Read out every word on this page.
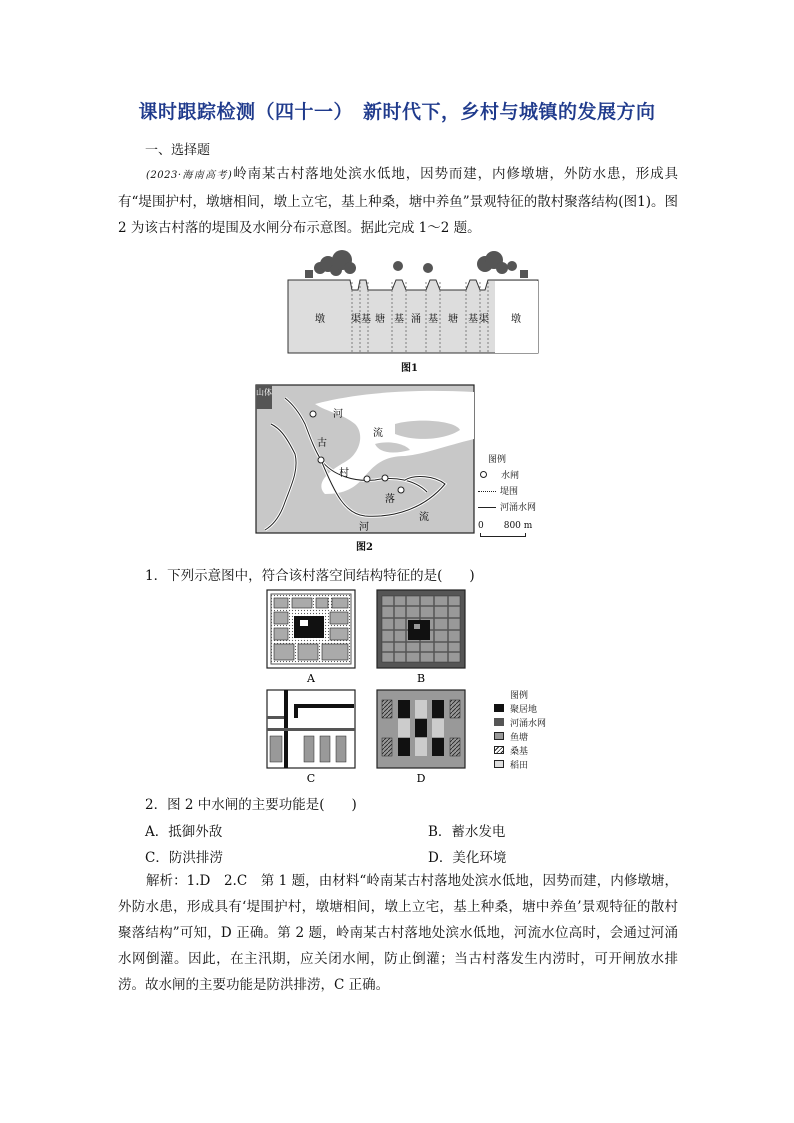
课时跟踪检测（四十一）　新时代下，乡村与城镇的发展方向
一、选择题
(2023·海南高考)岭南某古村落地处滨水低地，因势而建，内修墩塘，外防水患，形成具有“堤围护村，墩塘相间，墩上立宅，基上种桑，塘中养鱼”景观特征的散村聚落结构(图1)。图 2 为该古村落的堤围及水闸分布示意图。据此完成 1～2 题。
墩	渠 基 塘 基 涌 基 塘 基 渠 墩
图1
山体
河
流
古
村
落
河
流
图2
图例
水闸
堤围
河涌水网
0 800 m
1．下列示意图中，符合该村落空间结构特征的是(　　)
A	B
C	D
图例
聚居地
河涌水网
鱼塘
桑基
稻田
2．图 2 中水闸的主要功能是(　　)
A．抵御外敌	B．蓄水发电
C．防洪排涝	D．美化环境
解析：1.D　2.C　第 1 题，由材料“岭南某古村落地处滨水低地，因势而建，内修墩塘，外防水患，形成具有‘堤围护村，墩塘相间，墩上立宅，基上种桑，塘中养鱼’景观特征的散村聚落结构”可知，D 正确。第 2 题，岭南某古村落地处滨水低地，河流水位高时，会通过河涌水网倒灌。因此，在主汛期，应关闭水闸，防止倒灌；当古村落发生内涝时，可开闸放水排涝。故水闸的主要功能是防洪排涝，C 正确。
